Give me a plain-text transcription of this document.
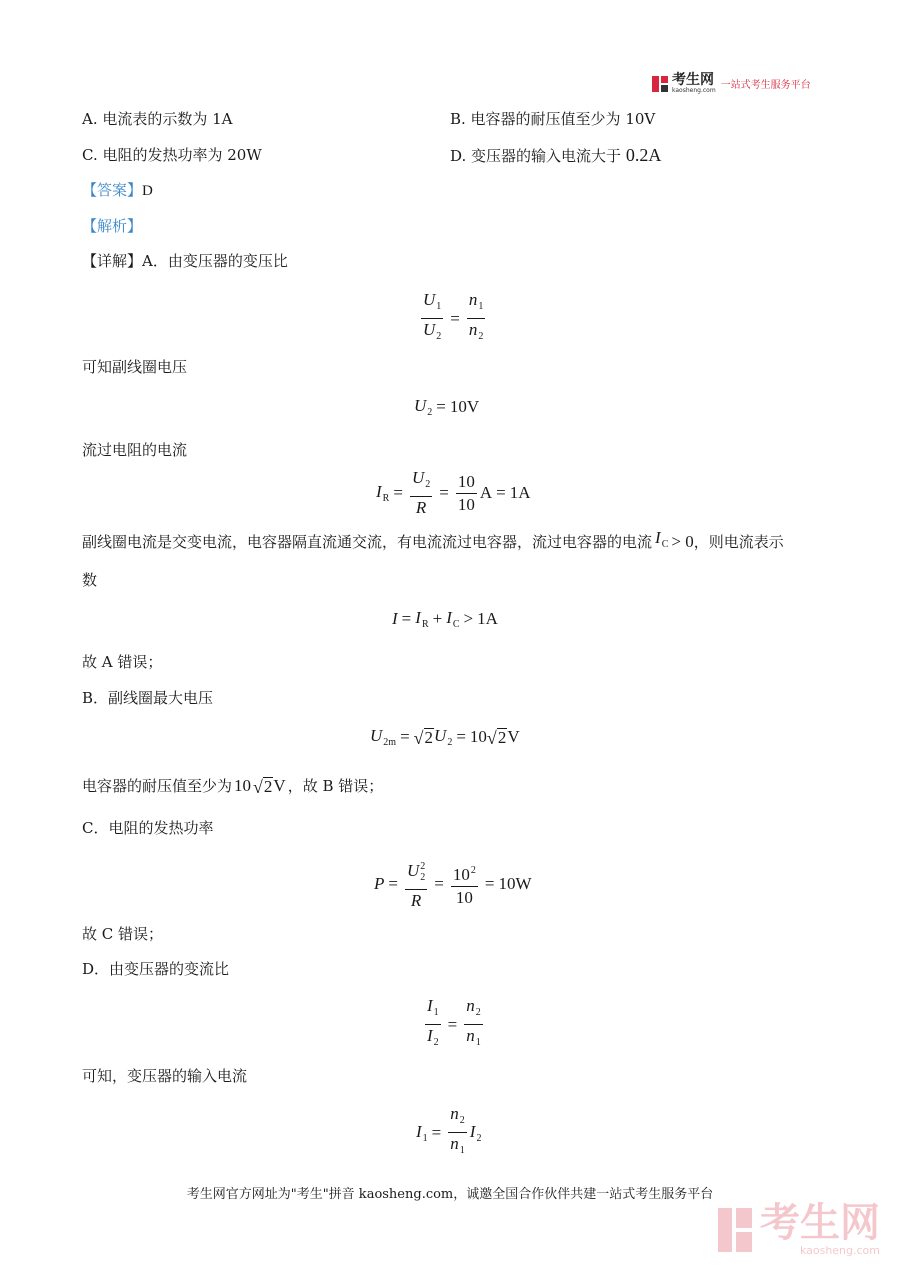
考生网
kaosheng.com 一站式考生服务平台
A. 电流表的示数为 1A	B. 电容器的耐压值至少为 10V
C. 电阻的发热功率为 20W	D. 变压器的输入电流大于 0.2A
【答案】D
【解析】
【详解】A．由变压器的变压比
$\frac{U_1}{U_2} = \frac{n_1}{n_2}$
可知副线圈电压
$U_2 = 10V$
流过电阻的电流
$I_R = \frac{U_2}{R} = \frac{10}{10}$ A = 1A
副线圈电流是交变电流，电容器隔直流通交流，有电流流过电容器，流过电容器的电流 $I_C > 0$ ，则电流表示
数
$I = I_R + I_C > 1A$
故 A 错误；
B．副线圈最大电压
$U_{2m}$ = √ 2 $U_2 = 10$ √ 2 V
电容器的耐压值至少为 10 √ 2 V ，故 B 错误；
C．电阻的发热功率
$P = \frac{U^2_2}{R} = \frac{10^2}{10} = 10W$
故 C 错误；
D．由变压器的变流比
$\frac{I_1}{I_2} = \frac{n_2}{n_1}$
可知，变压器的输入电流
$I_1 = \frac{n_2}{n_1} I_2$
考生网官方网址为"考生"拼音 kaosheng.com，诚邀全国合作伙伴共建一站式考生服务平台
考生网
kaosheng.com
